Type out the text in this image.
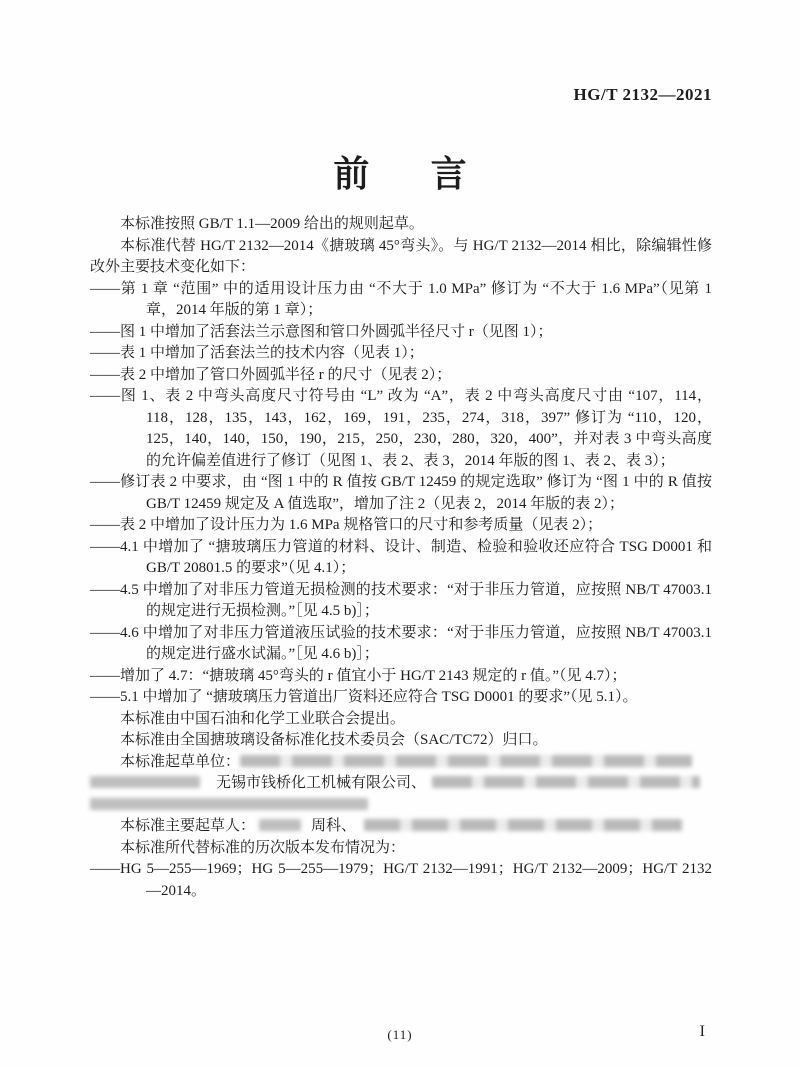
HG/T 2132—2021
前　言

本标准按照 GB/T 1.1—2009 给出的规则起草。

本标准代替 HG/T 2132—2014《搪玻璃 45°弯头》。与 HG/T 2132—2014 相比，除编辑性修改外主要技术变化如下：

——第 1 章 “范围” 中的适用设计压力由 “不大于 1.0 MPa” 修订为 “不大于 1.6 MPa”（见第 1 章，2014 年版的第 1 章）；

——图 1 中增加了活套法兰示意图和管口外圆弧半径尺寸 r（见图 1）；

——表 1 中增加了活套法兰的技术内容（见表 1）；

——表 2 中增加了管口外圆弧半径 r 的尺寸（见表 2）；

——图 1、表 2 中弯头高度尺寸符号由 “L” 改为 “A”，表 2 中弯头高度尺寸由 “107，114，118，128，135，143，162，169，191，235，274，318，397” 修订为 “110，120，125，140，140，150，190，215，250，230，280，320，400”，并对表 3 中弯头高度的允许偏差值进行了修订（见图 1、表 2、表 3，2014 年版的图 1、表 2、表 3）；

——修订表 2 中要求，由 “图 1 中的 R 值按 GB/T 12459 的规定选取” 修订为 “图 1 中的 R 值按 GB/T 12459 规定及 A 值选取”，增加了注 2（见表 2，2014 年版的表 2）；

——表 2 中增加了设计压力为 1.6 MPa 规格管口的尺寸和参考质量（见表 2）；

——4.1 中增加了 “搪玻璃压力管道的材料、设计、制造、检验和验收还应符合 TSG D0001 和 GB/T 20801.5 的要求”（见 4.1）；

——4.5 中增加了对非压力管道无损检测的技术要求：“对于非压力管道，应按照 NB/T 47003.1 的规定进行无损检测。”［见 4.5 b)］；

——4.6 中增加了对非压力管道液压试验的技术要求：“对于非压力管道，应按照 NB/T 47003.1 的规定进行盛水试漏。”［见 4.6 b)］；

——增加了 4.7：“搪玻璃 45°弯头的 r 值宜小于 HG/T 2143 规定的 r 值。”（见 4.7）；

——5.1 中增加了 “搪玻璃压力管道出厂资料还应符合 TSG D0001 的要求”（见 5.1）。

本标准由中国石油和化学工业联合会提出。

本标准由全国搪玻璃设备标准化技术委员会（SAC/TC72）归口。

本标准起草单位：

无锡市钱桥化工机械有限公司、

本标准主要起草人：	周科、

本标准所代替标准的历次版本发布情况为：

——HG 5—255—1969；HG 5—255—1979；HG/T 2132—1991；HG/T 2132—2009；HG/T 2132—2014。

(11)	I
